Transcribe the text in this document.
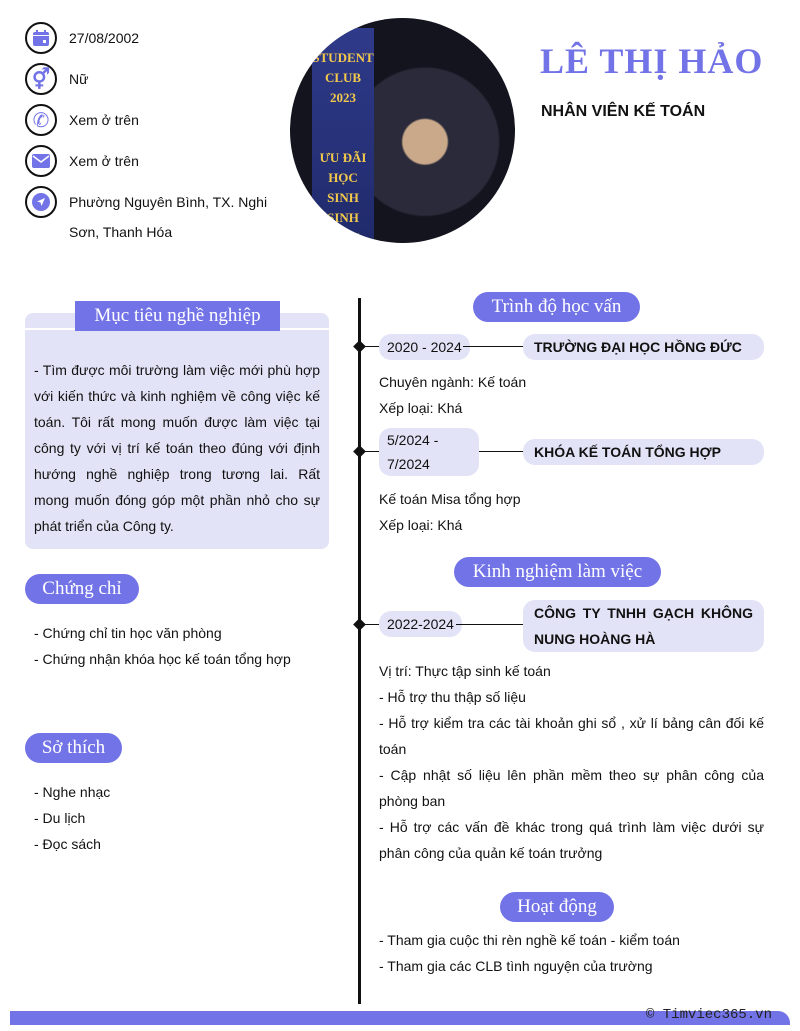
27/08/2002
⚥ Nữ
✆ Xem ở trên
Xem ở trên
Phường Nguyên Bình, TX. Nghi Sơn, Thanh Hóa
STUDENT
CLUB
2023

ƯU ĐÃI
HỌC SINH
SINH VIÊN
LÊ THỊ HẢO
NHÂN VIÊN KẾ TOÁN
Mục tiêu nghề nghiệp
- Tìm được môi trường làm việc mới phù hợp với kiến thức và kinh nghiệm về công việc kế toán. Tôi rất mong muốn được làm việc tại công ty với vị trí kế toán theo đúng với định hướng nghề nghiệp trong tương lai. Rất mong muốn đóng góp một phần nhỏ cho sự phát triển của Công ty.
Chứng chỉ
- Chứng chỉ tin học văn phòng
- Chứng nhận khóa học kế toán tổng hợp
Sở thích
- Nghe nhạc
- Du lịch
- Đọc sách
Trình độ học vấn
2020 - 2024	TRƯỜNG ĐẠI HỌC HỒNG ĐỨC
Chuyên ngành: Kế toán
Xếp loại: Khá
5/2024 - 7/2024
KHÓA KẾ TOÁN TỔNG HỢP
Kế toán Misa tổng hợp
Xếp loại: Khá
Kinh nghiệm làm việc
2022-2024
CÔNG TY TNHH GẠCH KHÔNG NUNG HOÀNG HÀ
Vị trí: Thực tập sinh kế toán
- Hỗ trợ thu thập số liệu
- Hỗ trợ kiểm tra các tài khoản ghi sổ , xử lí bảng cân đối kế toán
- Cập nhật số liệu lên phần mềm theo sự phân công của phòng ban
- Hỗ trợ các vấn đề khác trong quá trình làm việc dưới sự phân công của quản kế toán trưởng
Hoạt động
- Tham gia cuộc thi rèn nghề kế toán - kiểm toán
- Tham gia các CLB tình nguyện của trường
© Timviec365.vn
